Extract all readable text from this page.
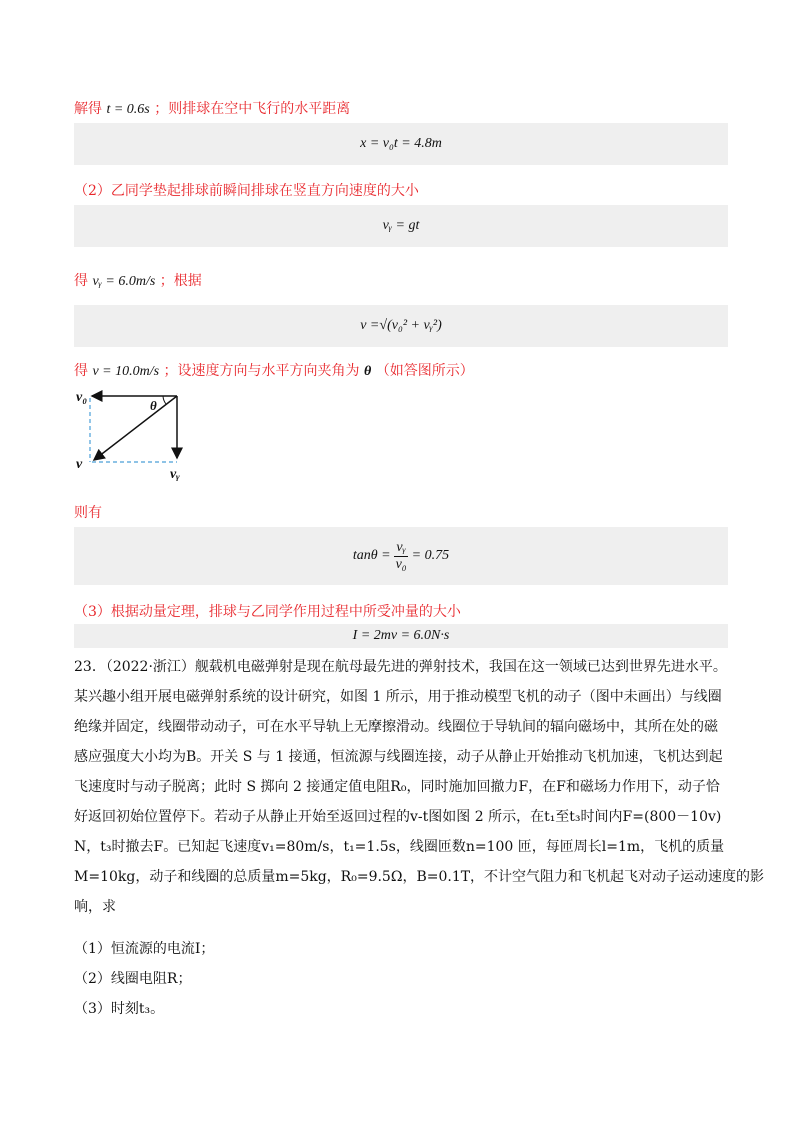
解得 t = 0.6s ；则排球在空中飞行的水平距离
x = v₀t = 4.8m
（2）乙同学垫起排球前瞬间排球在竖直方向速度的大小
vᵧ = gt
得 vᵧ = 6.0m/s ；根据
v = √(v₀² + vᵧ²)
得 v = 10.0m/s ；设速度方向与水平方向夹角为 θ （如答图所示）
v₀
θ
v
vᵧ
则有
$\tan\theta = \frac{\text{vᵧ}}{\text{v₀}} = 0.75$
（3）根据动量定理，排球与乙同学作用过程中所受冲量的大小
I = 2mv = 6.0N·s
23．（2022·浙江）舰载机电磁弹射是现在航母最先进的弹射技术，我国在这一领域已达到世界先进水平。
某兴趣小组开展电磁弹射系统的设计研究，如图 1 所示，用于推动模型飞机的动子（图中未画出）与线圈
绝缘并固定，线圈带动动子，可在水平导轨上无摩擦滑动。线圈位于导轨间的辐向磁场中，其所在处的磁
感应强度大小均为B。开关 S 与 1 接通，恒流源与线圈连接，动子从静止开始推动飞机加速，飞机达到起
飞速度时与动子脱离；此时 S 掷向 2 接通定值电阻R₀，同时施加回撤力F，在F和磁场力作用下，动子恰
好返回初始位置停下。若动子从静止开始至返回过程的v-t图如图 2 所示，在t₁至t₃时间内F=(800－10v)
N，t₃时撤去F。已知起飞速度v₁=80m/s，t₁=1.5s，线圈匝数n=100 匝，每匝周长l=1m，飞机的质量
M=10kg，动子和线圈的总质量m=5kg，R₀=9.5Ω，B=0.1T，不计空气阻力和飞机起飞对动子运动速度的影
响，求
（1）恒流源的电流I；
（2）线圈电阻R；
（3）时刻t₃。
